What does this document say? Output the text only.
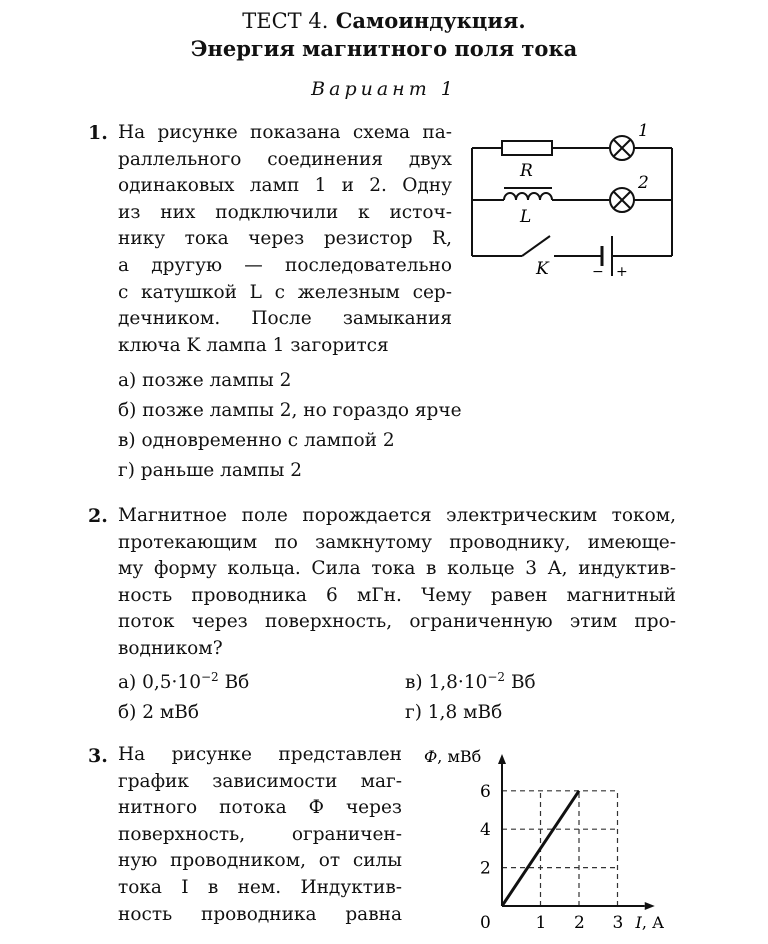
ТЕСТ 4. Самоиндукция.
Энергия магнитного поля тока
Вариант 1
1. На рисунке показана схема па-
раллельного соединения двух
одинаковых ламп 1 и 2. Одну
из них подключили к источ-
нику тока через резистор R,
а другую — последовательно
с катушкой L с железным сер-
дечником. После замыкания
ключа K лампа 1 загорится
1
2
R
L
K	− +
а) позже лампы 2
б) позже лампы 2, но гораздо ярче
в) одновременно с лампой 2
г) раньше лампы 2
2. Магнитное поле порождается электрическим током,
протекающим по замкнутому проводнику, имеюще-
му форму кольца. Сила тока в кольце 3 А, индуктив-
ность проводника 6 мГн. Чему равен магнитный
поток через поверхность, ограниченную этим про-
водником?
а) $0,5\cdot 10^{-2}$ Вб
б) 2 мВб
в) $1,8\cdot 10^{-2}$ Вб
г) 1,8 мВб
3. На рисунке представлен
график зависимости маг-
нитного потока Ф через
поверхность, ограничен-
ную проводником, от силы
тока I в нем. Индуктив-
ность проводника равна	1 2 3
2
4
6
Ф, мВб
I, А
0
